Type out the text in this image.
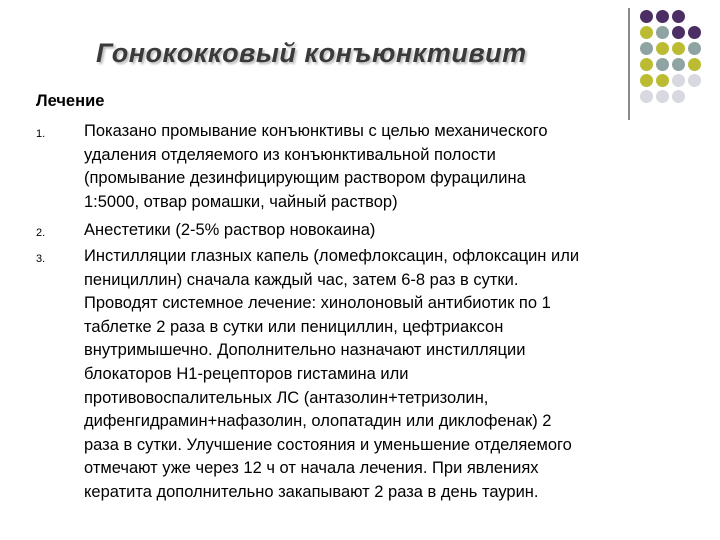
Гонококковый конъюнктивит
Лечение
1. Показано промывание конъюнктивы с целью механического
удаления отделяемого из конъюнктивальной полости
(промывание дезинфицирующим раствором фурацилина
1:5000, отвар ромашки, чайный раствор)
2. Анестетики (2-5% раствор новокаина)
3. Инстилляции глазных капель (ломефлоксацин, офлоксацин или
пенициллин) сначала каждый час, затем 6-8 раз в сутки.
Проводят системное лечение: хинолоновый антибиотик по 1
таблетке 2 раза в сутки или пенициллин, цефтриаксон
внутримышечно. Дополнительно назначают инстилляции
блокаторов Н1-рецепторов гистамина или
противовоспалительных ЛС (антазолин+тетризолин,
дифенгидрамин+нафазолин, олопатадин или диклофенак) 2
раза в сутки. Улучшение состояния и уменьшение отделяемого
отмечают уже через 12 ч от начала лечения. При явлениях
кератита дополнительно закапывают 2 раза в день таурин.
